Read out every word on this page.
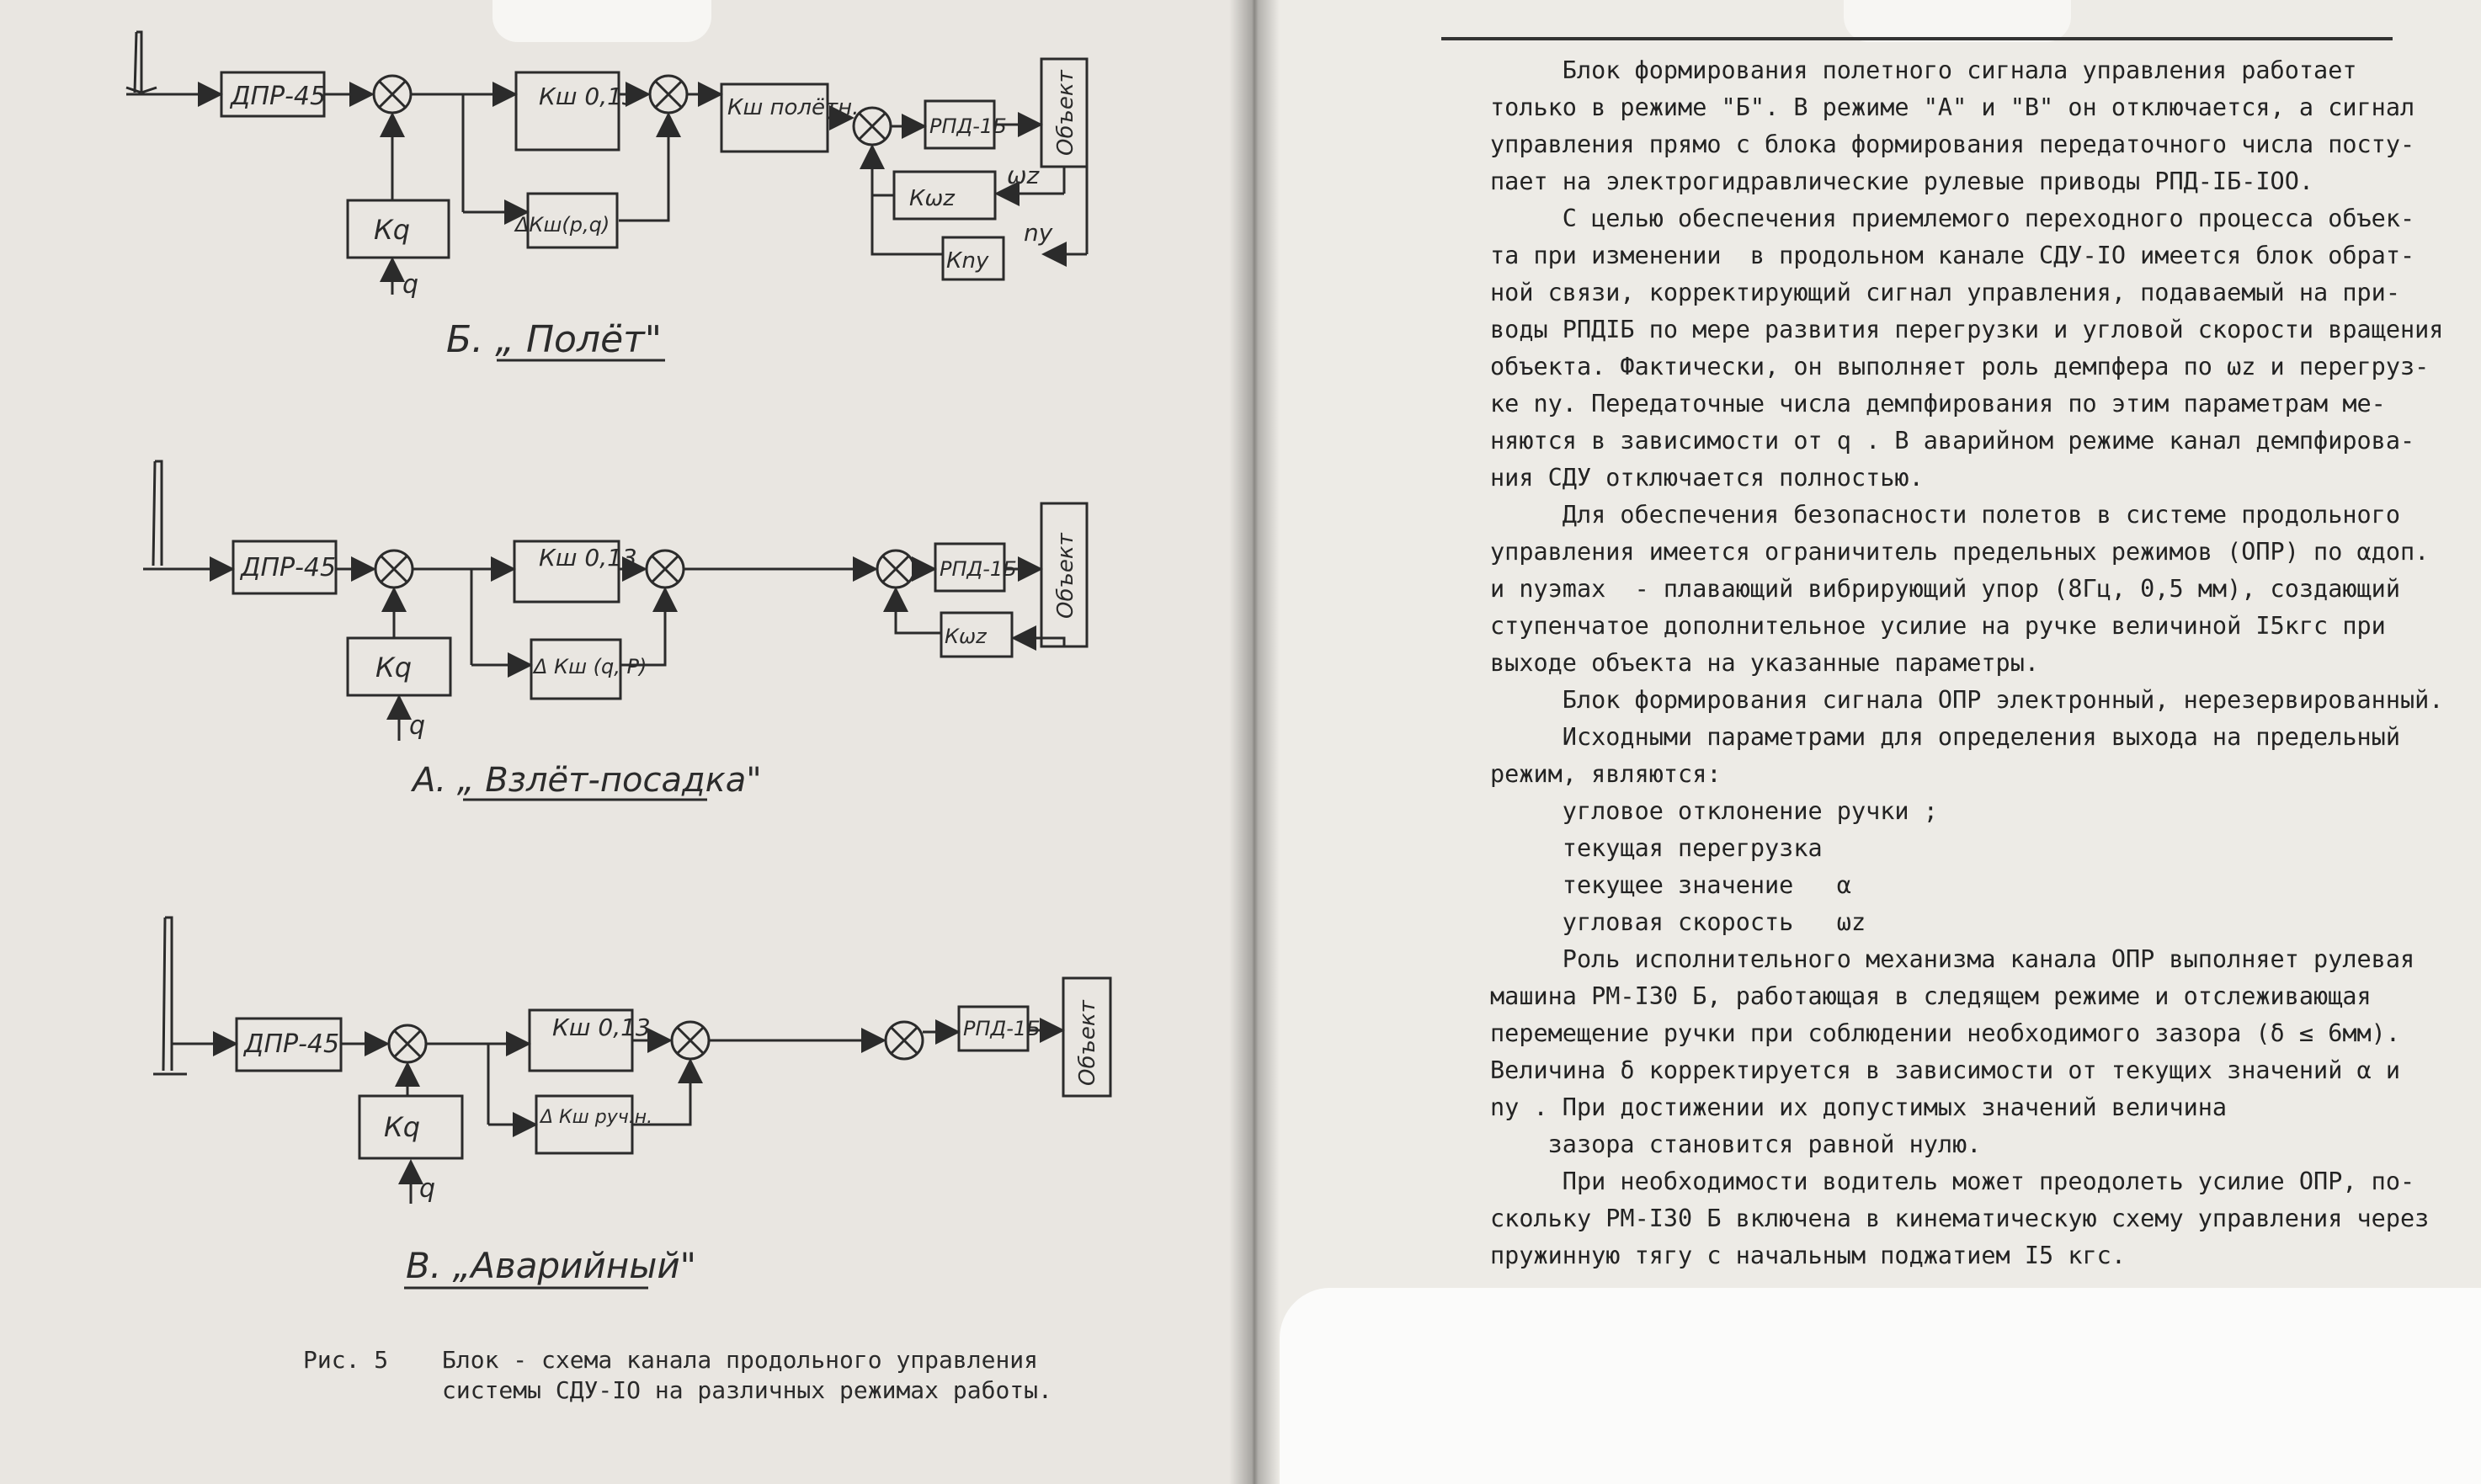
ДПР-45	Кш 0,13	Кш полётн.
РПД-1Б Объект
Кωz
ωz
ny
Кny
Кq
q
ΔКш(р,q)
Б. „ Полёт"
ДПР-45	Кш 0,13	РПД-1Б Объект
Кωz
Кq
q
Δ Кш (q, Р)
А. „ Взлёт-посадка"
ДПР-45
Кш 0,13	РПД-1Б Объект
Кq
q
Δ Кш руч.н.
В. „Аварийный"
Рис. 5 Блок - схема канала продольного управления
системы СДУ-IO на различных режимах работы.

Блок формирования полетного сигнала управления работает

только в режиме "Б". В режиме "А" и "В" он отключается, а сигнал

управления прямо с блока формирования передаточного числа посту-

пает на электрогидравлические рулевые приводы РПД-IБ-IOO.

С целью обеспечения приемлемого переходного процесса объек-

та при изменении  в продольном канале СДУ-IO имеется блок обрат-

ной связи, корректирующий сигнал управления, подаваемый на при-

воды РПДIБ по мере развития перегрузки и угловой скорости вращения

объекта. Фактически, он выполняет роль демпфера по ωz и перегруз-

ке ny. Передаточные числа демпфирования по этим параметрам ме-

няются в зависимости от q . В аварийном режиме канал демпфирова-

ния СДУ отключается полностью.

Для обеспечения безопасности полетов в системе продольного

управления имеется ограничитель предельных режимов (ОПР) по αдоп.

и nyэmax  - плавающий вибрирующий упор (8Гц, 0,5 мм), создающий

ступенчатое дополнительное усилие на ручке величиной I5кгс при

выходе объекта на указанные параметры.

Блок формирования сигнала ОПР электронный, нерезервированный.

Исходными параметрами для определения выхода на предельный

режим, являются:

угловое отклонение ручки ;

текущая перегрузка

текущее значение   α

угловая скорость   ωz

Роль исполнительного механизма канала ОПР выполняет рулевая

машина РМ-I30 Б, работающая в следящем режиме и отслеживающая

перемещение ручки при соблюдении необходимого зазора (δ ≤ 6мм).

Величина δ корректируется в зависимости от текущих значений α и

ny . При достижении их допустимых значений величина

зазора становится равной нулю.

При необходимости водитель может преодолеть усилие ОПР, по-

скольку РМ-I30 Б включена в кинематическую схему управления через

пружинную тягу с начальным поджатием I5 кгс.
